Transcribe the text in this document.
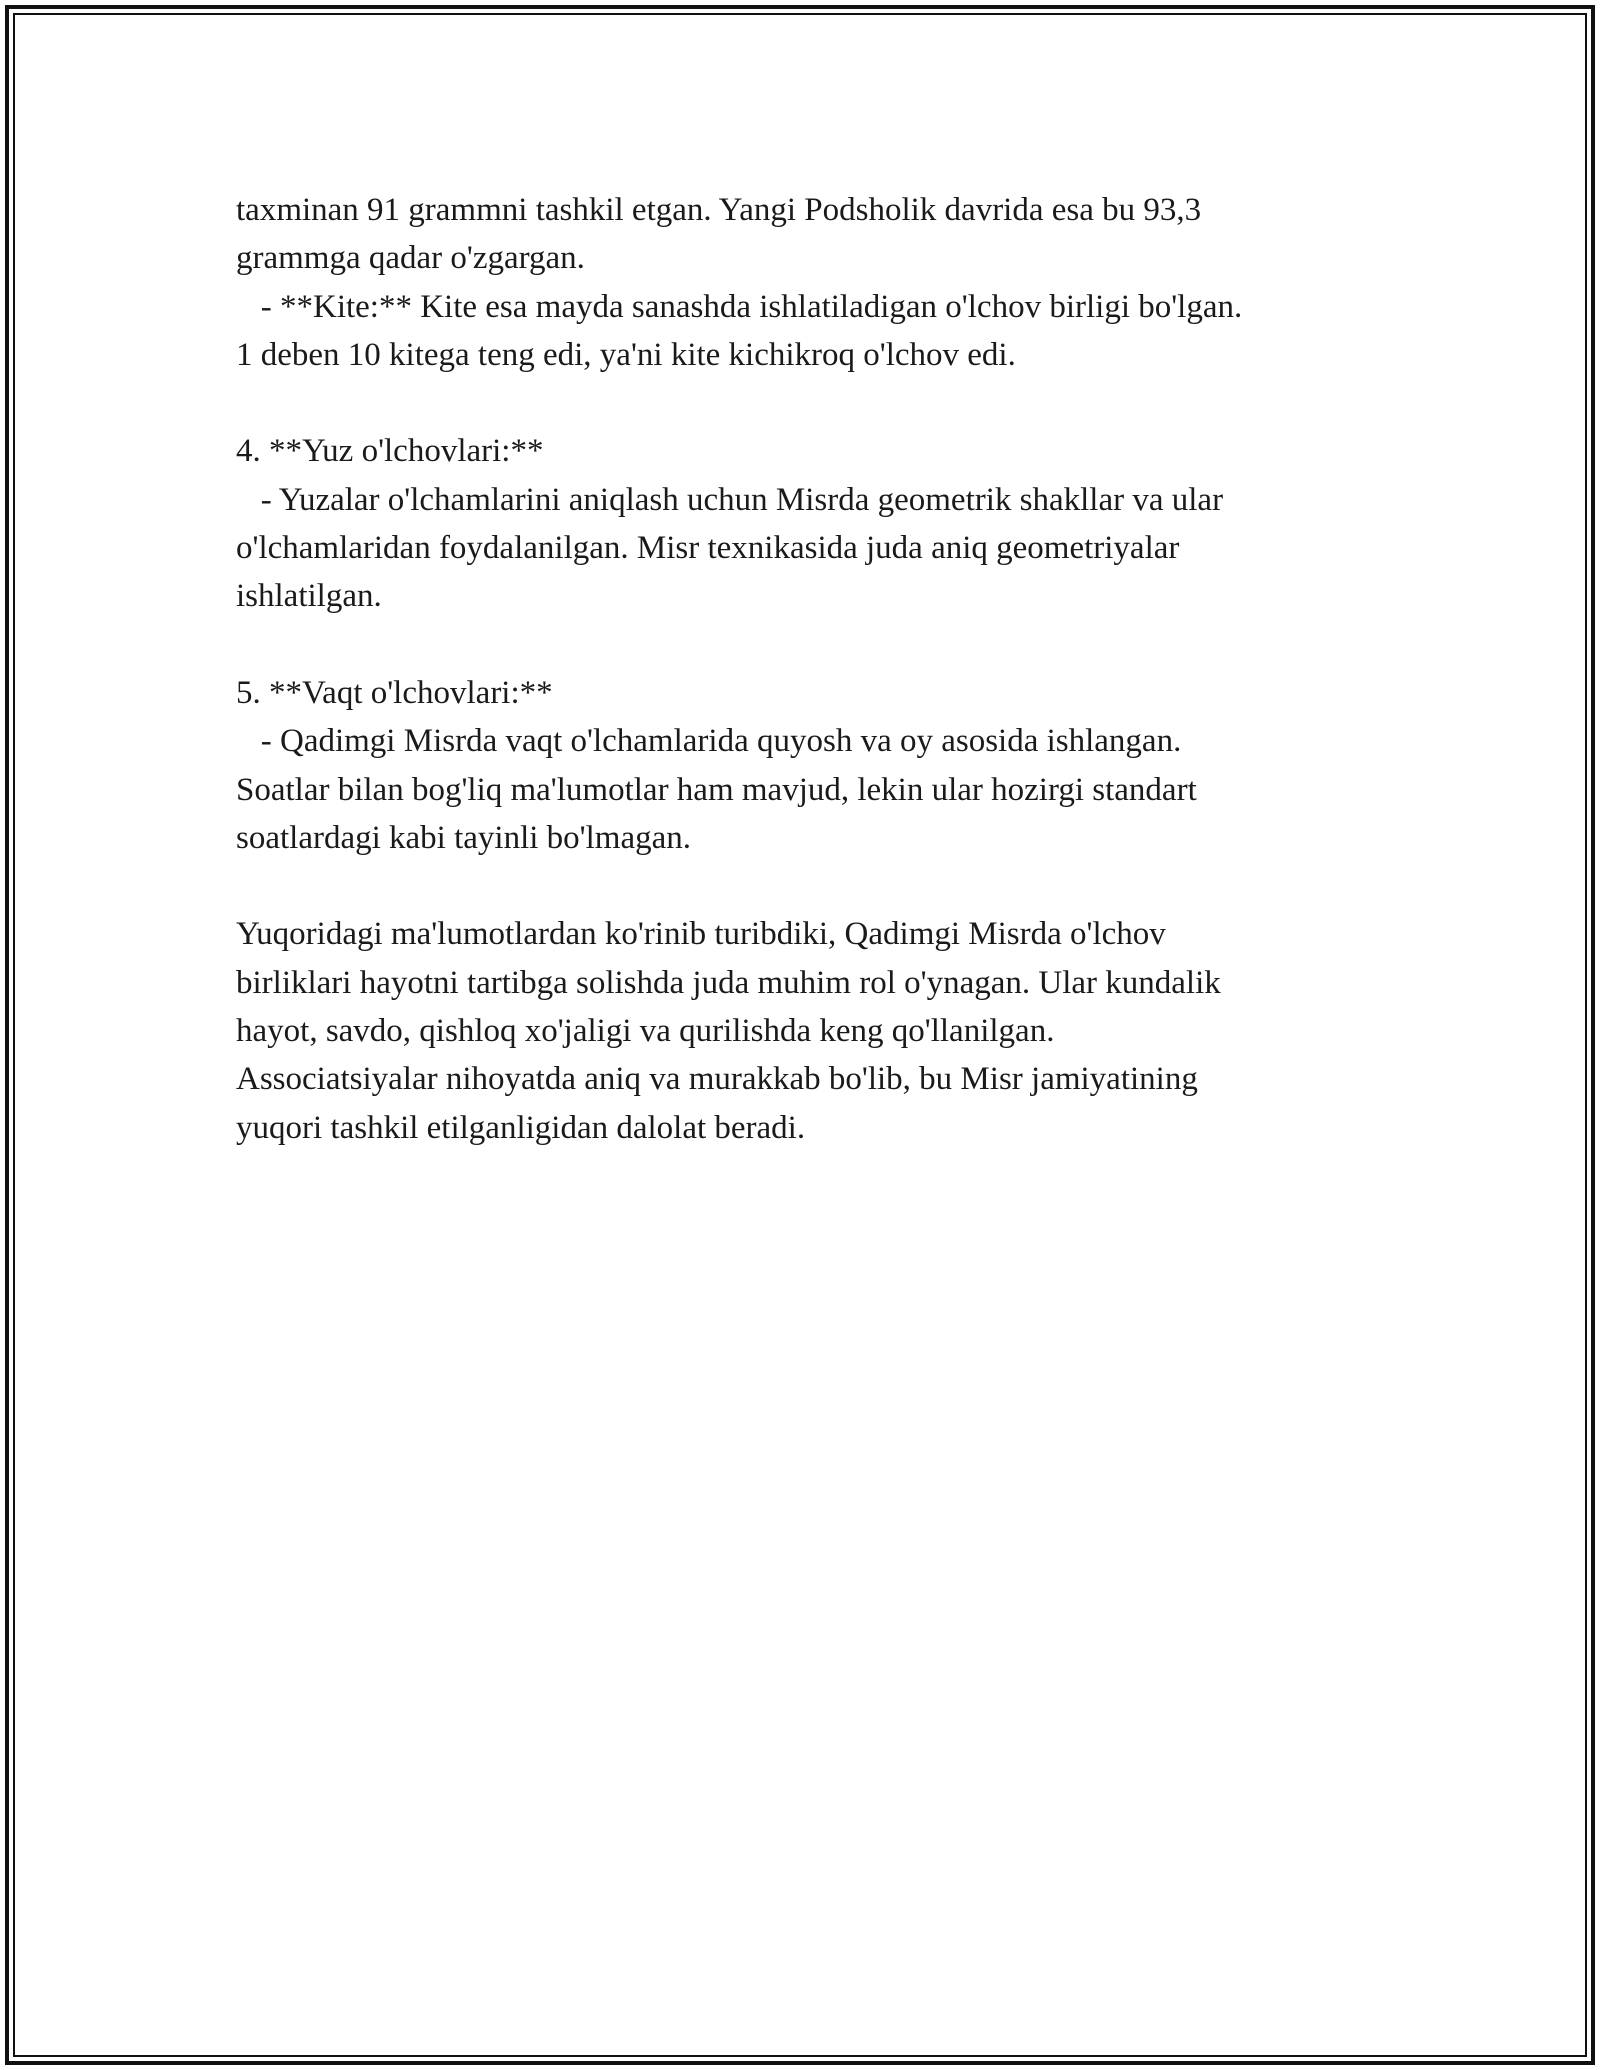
taxminan 91 grammni tashkil etgan. Yangi Podsholik davrida esa bu 93,3
grammga qadar o'zgargan.
- **Kite:** Kite esa mayda sanashda ishlatiladigan o'lchov birligi bo'lgan.
1 deben 10 kitega teng edi, ya'ni kite kichikroq o'lchov edi.
4. **Yuz o'lchovlari:**
- Yuzalar o'lchamlarini aniqlash uchun Misrda geometrik shakllar va ular
o'lchamlaridan foydalanilgan. Misr texnikasida juda aniq geometriyalar
ishlatilgan.
5. **Vaqt o'lchovlari:**
- Qadimgi Misrda vaqt o'lchamlarida quyosh va oy asosida ishlangan.
Soatlar bilan bog'liq ma'lumotlar ham mavjud, lekin ular hozirgi standart
soatlardagi kabi tayinli bo'lmagan.
Yuqoridagi ma'lumotlardan ko'rinib turibdiki, Qadimgi Misrda o'lchov
birliklari hayotni tartibga solishda juda muhim rol o'ynagan. Ular kundalik
hayot, savdo, qishloq xo'jaligi va qurilishda keng qo'llanilgan.
Associatsiyalar nihoyatda aniq va murakkab bo'lib, bu Misr jamiyatining
yuqori tashkil etilganligidan dalolat beradi.
